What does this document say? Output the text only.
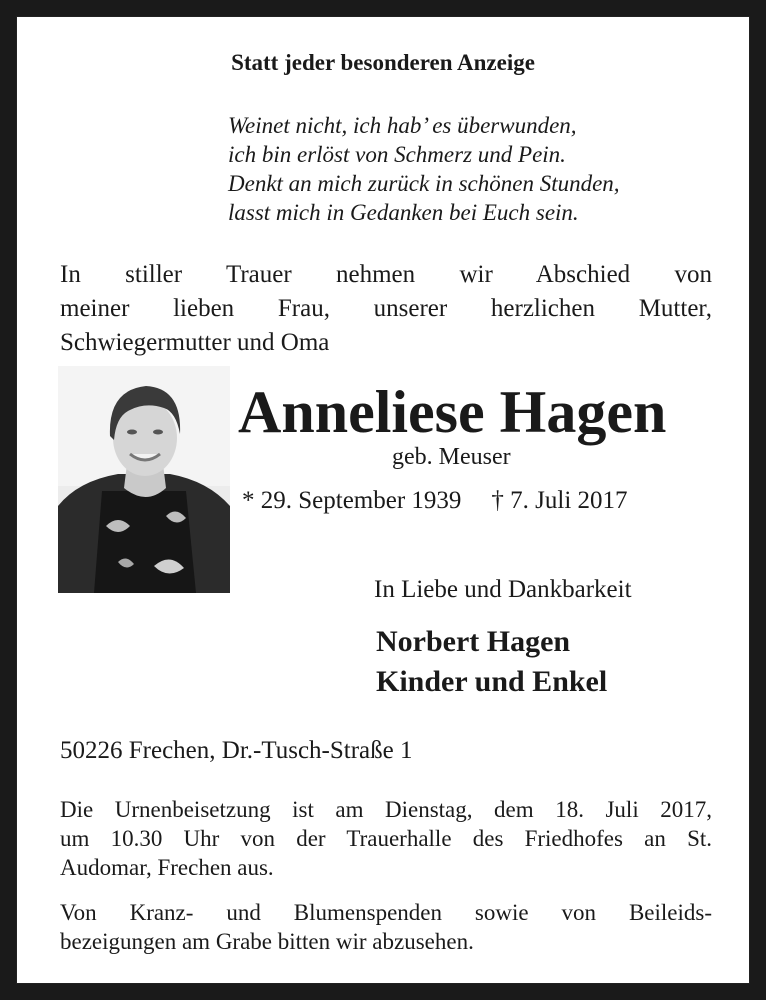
Statt jeder besonderen Anzeige
Weinet nicht, ich hab’ es überwunden,
ich bin erlöst von Schmerz und Pein.
Denkt an mich zurück in schönen Stunden,
lasst mich in Gedanken bei Euch sein.
In stiller Trauer nehmen wir Abschied von
meiner lieben Frau, unserer herzlichen Mutter,
Schwiegermutter und Oma
Anneliese Hagen
geb. Meuser
* 29. September 1939 † 7. Juli 2017
In Liebe und Dankbarkeit
Norbert Hagen
Kinder und Enkel
50226 Frechen, Dr.-Tusch-Straße 1
Die Urnenbeisetzung ist am Dienstag, dem 18. Juli 2017,
um 10.30 Uhr von der Trauerhalle des Friedhofes an St.
Audomar, Frechen aus.
Von Kranz- und Blumenspenden sowie von Beileids-
bezeigungen am Grabe bitten wir abzusehen.
